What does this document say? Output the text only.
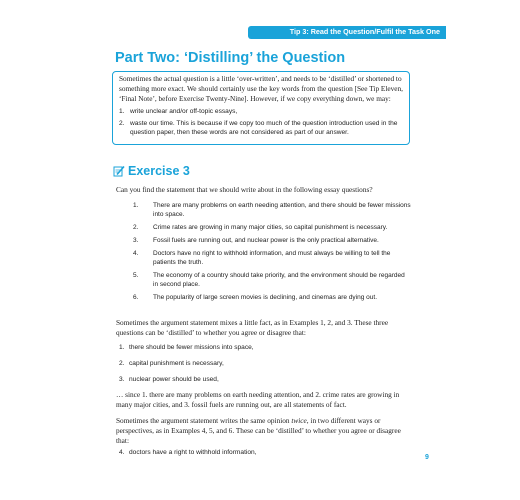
Tip 3: Read the Question/Fulfil the Task One
Part Two: ‘Distilling’ the Question

Sometimes the actual question is a little ‘over-written’, and needs to be ‘distilled’ or shortened to something more exact. We should certainly use the key words from the question [See Tip Eleven, ‘Final Note’, before Exercise Twenty-Nine]. However, if we copy everything down, we may:

1. write unclear and/or off-topic essays,
2. waste our time. This is because if we copy too much of the question introduction used in the question paper, then these words are not considered as part of our answer.
Exercise 3
Can you find the statement that we should write about in the following essay questions?
1. There are many problems on earth needing attention, and there should be fewer missions into space.
2. Crime rates are growing in many major cities, so capital punishment is necessary.
3. Fossil fuels are running out, and nuclear power is the only practical alternative.
4. Doctors have no right to withhold information, and must always be willing to tell the patients the truth.
5. The economy of a country should take priority, and the environment should be regarded in second place.
6. The popularity of large screen movies is declining, and cinemas are dying out.

Sometimes the argument statement mixes a little fact, as in Examples 1, 2, and 3. These three questions can be ‘distilled’ to whether you agree or disagree that:

1. there should be fewer missions into space,
2. capital punishment is necessary,
3. nuclear power should be used,

… since 1. there are many problems on earth needing attention, and 2. crime rates are growing in many major cities, and 3. fossil fuels are running out, are all statements of fact.

Sometimes the argument statement writes the same opinion twice, in two different ways or perspectives, as in Examples 4, 5, and 6. These can be ‘distilled’ to whether you agree or disagree that:

4. doctors have a right to withhold information,
9
